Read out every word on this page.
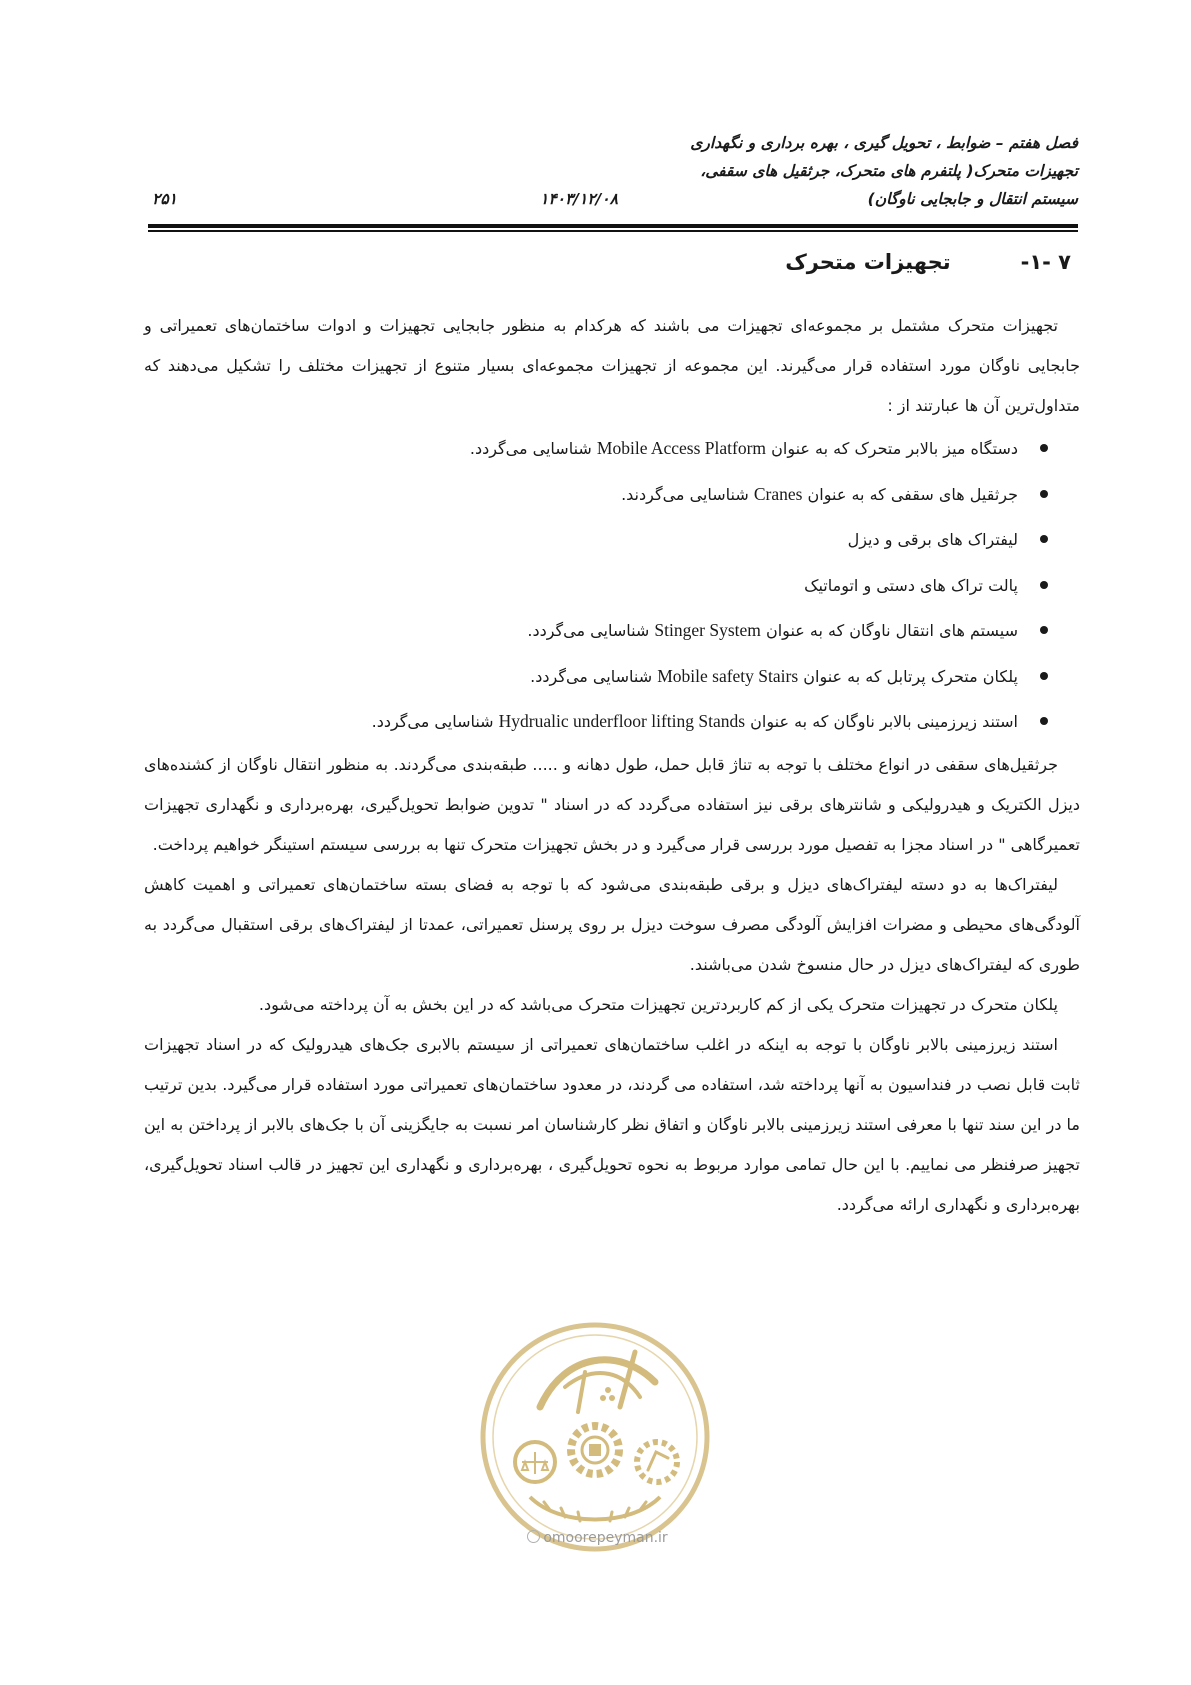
فصل هفتم – ضوابط ، تحویل گیری ، بهره برداری و نگهداری
تجهیزات متحرک( پلتفرم های متحرک، جرثقیل های سقفی،
سیستم انتقال و جابجایی ناوگان)
۱۴۰۳/۱۲/۰۸
۲۵۱
۷ -۱-تجهیزات متحرک

تجهیزات متحرک مشتمل بر مجموعه‌ای تجهیزات می باشند که هرکدام به منظور جابجایی تجهیزات و ادوات ساختمان‌های تعمیراتی و جابجایی ناوگان مورد استفاده قرار می‌گیرند. این مجموعه از تجهیزات مجموعه‌ای بسیار متنوع از تجهیزات مختلف را تشکیل می‌دهند که متداول‌ترین آن ها عبارتند از :

دستگاه میز بالابر متحرک که به عنوان Mobile Access Platform شناسایی می‌گردد.
جرثقیل های سقفی که به عنوان Cranes شناسایی می‌گردند.
لیفتراک های برقی و دیزل
پالت تراک های دستی و اتوماتیک
سیستم های انتقال ناوگان که به عنوان Stinger System شناسایی می‌گردد.
پلکان متحرک پرتابل که به عنوان Mobile safety Stairs شناسایی می‌گردد.
استند زیرزمینی بالابر ناوگان که به عنوان Hydrualic underfloor lifting Stands شناسایی می‌گردد.

جرثقیل‌های سقفی در انواع مختلف با توجه به تناژ قابل حمل، طول دهانه و ..... طبقه‌بندی می‌گردند. به منظور انتقال ناوگان از کشنده‌های دیزل الکتریک و هیدرولیکی و شانترهای برقی نیز استفاده می‌گردد که در اسناد " تدوین ضوابط تحویل‌گیری، بهره‌برداری و نگهداری تجهیزات تعمیرگاهی " در اسناد مجزا به تفصیل مورد بررسی قرار می‌گیرد و در بخش تجهیزات متحرک تنها به بررسی سیستم استینگر خواهیم پرداخت.

لیفتراک‌ها به دو دسته لیفتراک‌های دیزل و برقی طبقه‌بندی می‌شود که با توجه به فضای بسته ساختمان‌های تعمیراتی و اهمیت کاهش آلودگی‌های محیطی و مضرات افزایش آلودگی مصرف سوخت دیزل بر روی پرسنل تعمیراتی، عمدتا از لیفتراک‌های برقی استقبال می‌گردد به طوری که لیفتراک‌های دیزل در حال منسوخ شدن می‌باشند.

پلکان متحرک در تجهیزات متحرک یکی از کم کاربردترین تجهیزات متحرک می‌باشد که در این بخش به آن پرداخته می‌شود.

استند زیرزمینی بالابر ناوگان با توجه به اینکه در اغلب ساختمان‌های تعمیراتی از سیستم بالابری جک‌های هیدرولیک که در اسناد تجهیزات ثابت قابل نصب در فنداسیون به آنها پرداخته شد، استفاده می گردند، در معدود ساختمان‌های تعمیراتی مورد استفاده قرار می‌گیرد. بدین ترتیب ما در این سند تنها با معرفی استند زیرزمینی بالابر ناوگان و اتفاق نظر کارشناسان امر نسبت به جایگزینی آن با جک‌های بالابر از پرداختن به این تجهیز صرفنظر می نماییم. با این حال تمامی موارد مربوط به نحوه تحویل‌گیری ، بهره‌برداری و نگهداری این تجهیز در قالب اسناد تحویل‌گیری، بهره‌برداری و نگهداری ارائه می‌گردد.

omoorepeyman.ir
